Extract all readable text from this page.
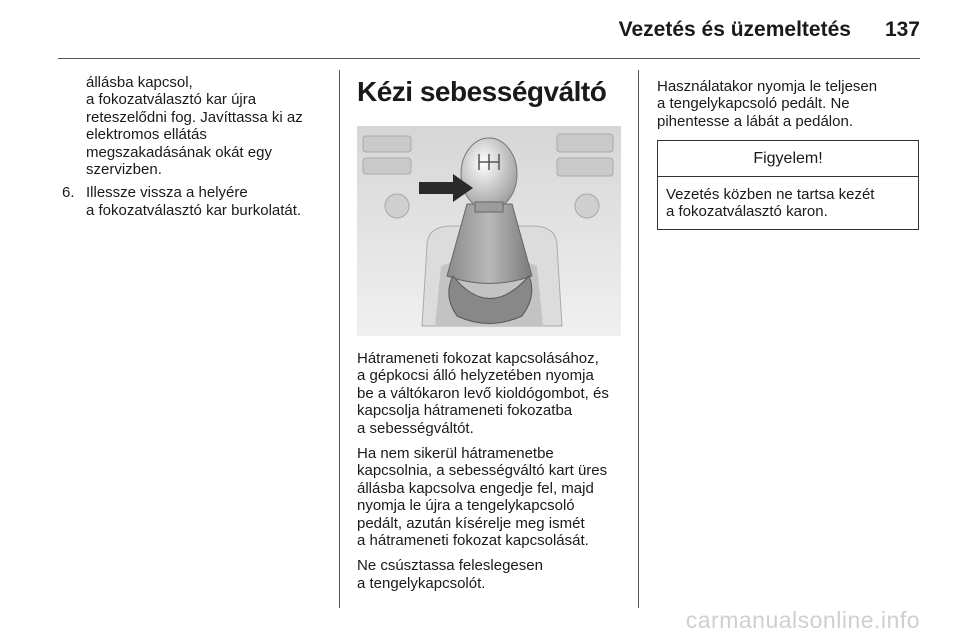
Vezetés és üzemeltetés 137
állásba kapcsol,
a fokozatválasztó kar újra
reteszelődni fog. Javíttassa ki az
elektromos ellátás
megszakadásának okát egy
szervizben.
6. Illessze vissza a helyére
a fokozatválasztó kar burkolatát.
Kézi sebességváltó

Hátrameneti fokozat kapcsolásához,
a gépkocsi álló helyzetében nyomja
be a váltókaron levő kioldógombot, és
kapcsolja hátrameneti fokozatba
a sebességváltót.

Ha nem sikerül hátramenetbe
kapcsolnia, a sebességváltó kart üres
állásba kapcsolva engedje fel, majd
nyomja le újra a tengelykapcsoló
pedált, azután kísérelje meg ismét
a hátrameneti fokozat kapcsolását.

Ne csúsztassa feleslegesen
a tengelykapcsolót.

Használatakor nyomja le teljesen
a tengelykapcsoló pedált. Ne
pihentesse a lábát a pedálon.

Figyelem!
Vezetés közben ne tartsa kezét
a fokozatválasztó karon.
carmanualsonline.info
